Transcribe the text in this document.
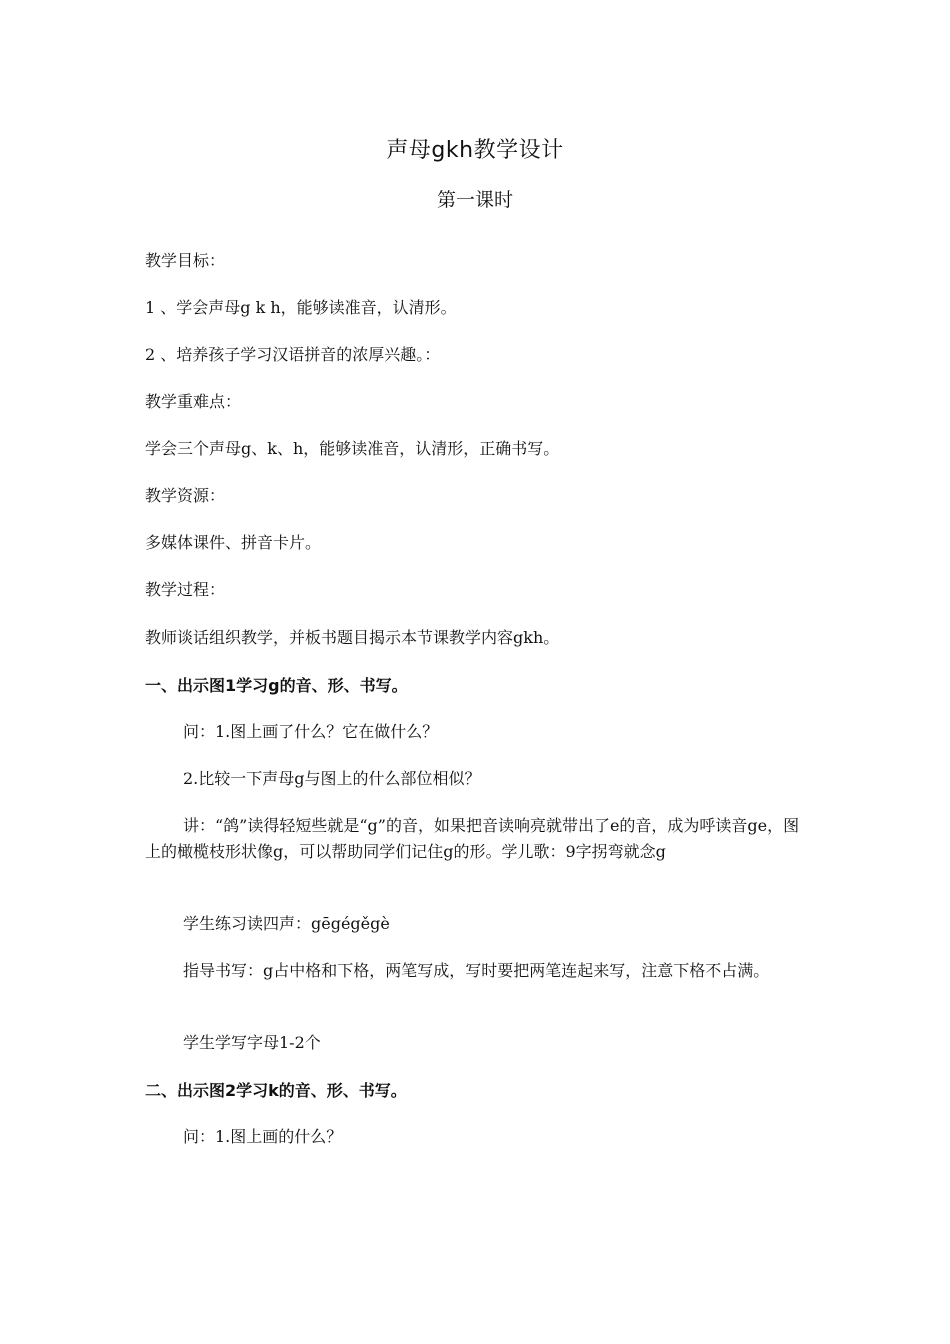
声母gkh教学设计
第一课时
教学目标：
1 、学会声母g k h，能够读准音，认清形。
2 、培养孩子学习汉语拼音的浓厚兴趣。：
教学重难点：
学会三个声母g、k、h，能够读准音，认清形，正确书写。
教学资源：
多媒体课件、拼音卡片。
教学过程：
教师谈话组织教学，并板书题目揭示本节课教学内容gkh。
一、出示图1学习g的音、形、书写。
问：1.图上画了什么？它在做什么？
2.比较一下声母g与图上的什么部位相似？
讲：“鸽”读得轻短些就是“g”的音，如果把音读响亮就带出了e的音，成为呼读音ge，图上的橄榄枝形状像g，可以帮助同学们记住g的形。学儿歌：9字拐弯就念g
学生练习读四声：gēgégěgè
指导书写：g占中格和下格，两笔写成，写时要把两笔连起来写，注意下格不占满。
学生学写字母1-2个
二、出示图2学习k的音、形、书写。
问：1.图上画的什么？
